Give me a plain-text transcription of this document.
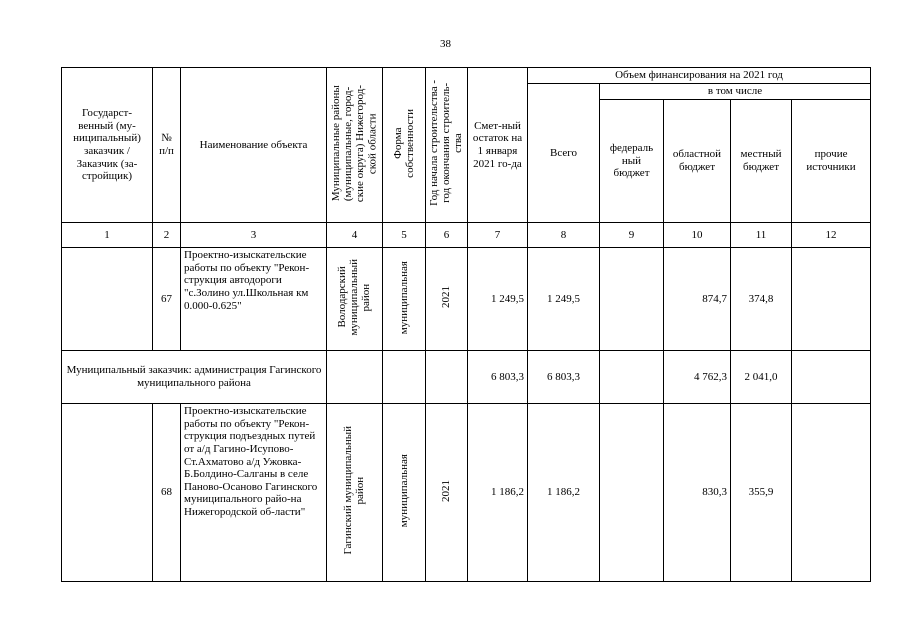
38
Государст-венный (му-ниципальный) заказчик / Заказчик (за-стройщик)	№ п/п	Наименование объекта	Муниципальные районы
(муниципальные, город-
ские округа) Нижегород-
ской области	Форма
собственности	Год начала строительства -
год окончания строитель-
ства	Смет-ный остаток на 1 января 2021 го-да	Объем финансирования на 2021 год				
							Всего	в том числе			
								федераль ный бюджет	областной бюджет	местный бюджет	прочие источники
1	2	3	4	5	6	7	8	9	10	11	12
	67	Проектно-изыскательские работы по объекту "Рекон-струкция автодороги "с.Золино ул.Школьная км 0.000-0.625"	Володарский
муниципальный
район	муниципальная	2021	1 249,5	1 249,5		874,7	374,8	
Муниципальный заказчик: администрация Гагинского муниципального района						6 803,3	6 803,3		4 762,3	2 041,0	
	68	Проектно-изыскательские работы по объекту "Рекон-струкция подъездных путей от а/д Гагино-Исупово-Ст.Ахматово а/д Ужовка-Б.Болдино-Салганы в селе Паново-Осаново Гагинского муниципального райо-на Нижегородской об-ласти"	Гагинский муниципальный
район	муниципальная	2021	1 186,2	1 186,2		830,3	355,9	
